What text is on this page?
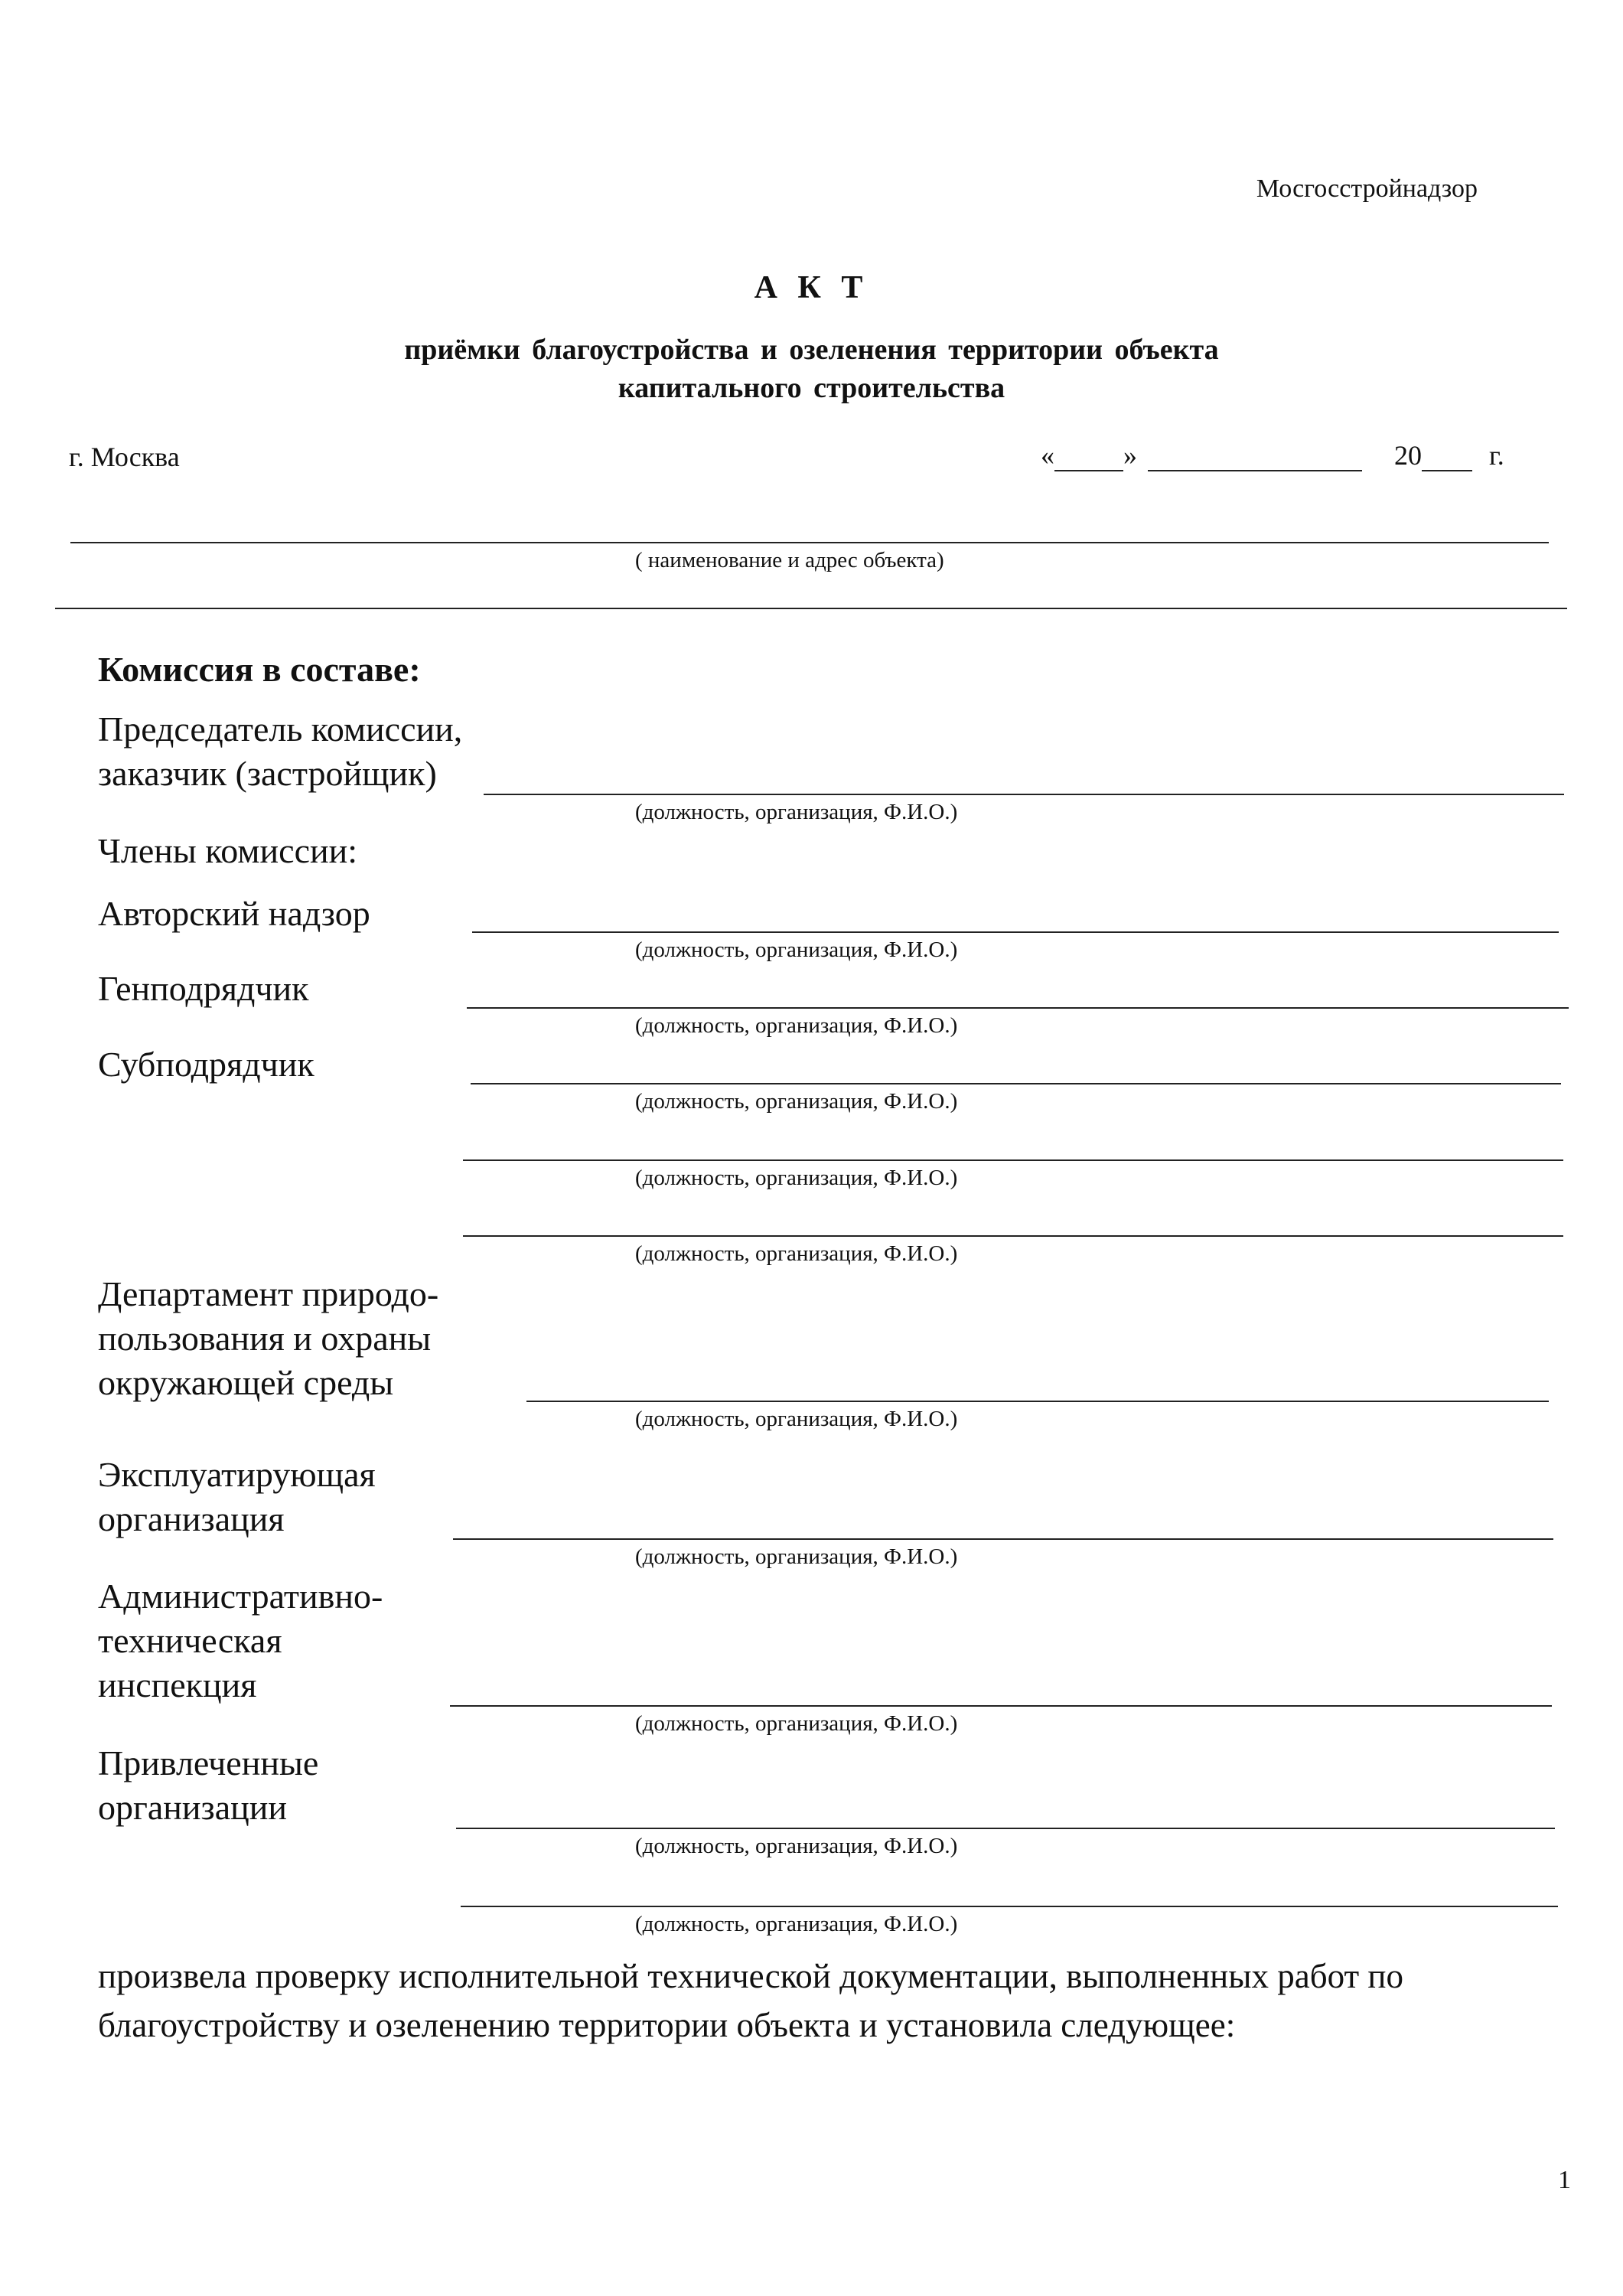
Мосгосстройнадзор
А К Т
приёмки благоустройства и озеленения территории объекта
капитального строительства
г. Москва	«	»	20 г.
( наименование и адрес объекта)
Комиссия в составе:
Председатель комиссии,
заказчик (застройщик)
(должность, организация, Ф.И.О.)
Члены комиссии:
Авторский надзор
(должность, организация, Ф.И.О.)
Генподрядчик
(должность, организация, Ф.И.О.)
Субподрядчик
(должность, организация, Ф.И.О.)
(должность, организация, Ф.И.О.)
(должность, организация, Ф.И.О.)
Департамент природо-
пользования и охраны
окружающей среды
(должность, организация, Ф.И.О.)
Эксплуатирующая
организация
(должность, организация, Ф.И.О.)
Административно-
техническая
инспекция
(должность, организация, Ф.И.О.)
Привлеченные
организации
(должность, организация, Ф.И.О.)
(должность, организация, Ф.И.О.)
произвела проверку исполнительной технической документации, выполненных работ по благоустройству и озеленению территории объекта и установила следующее:
1
